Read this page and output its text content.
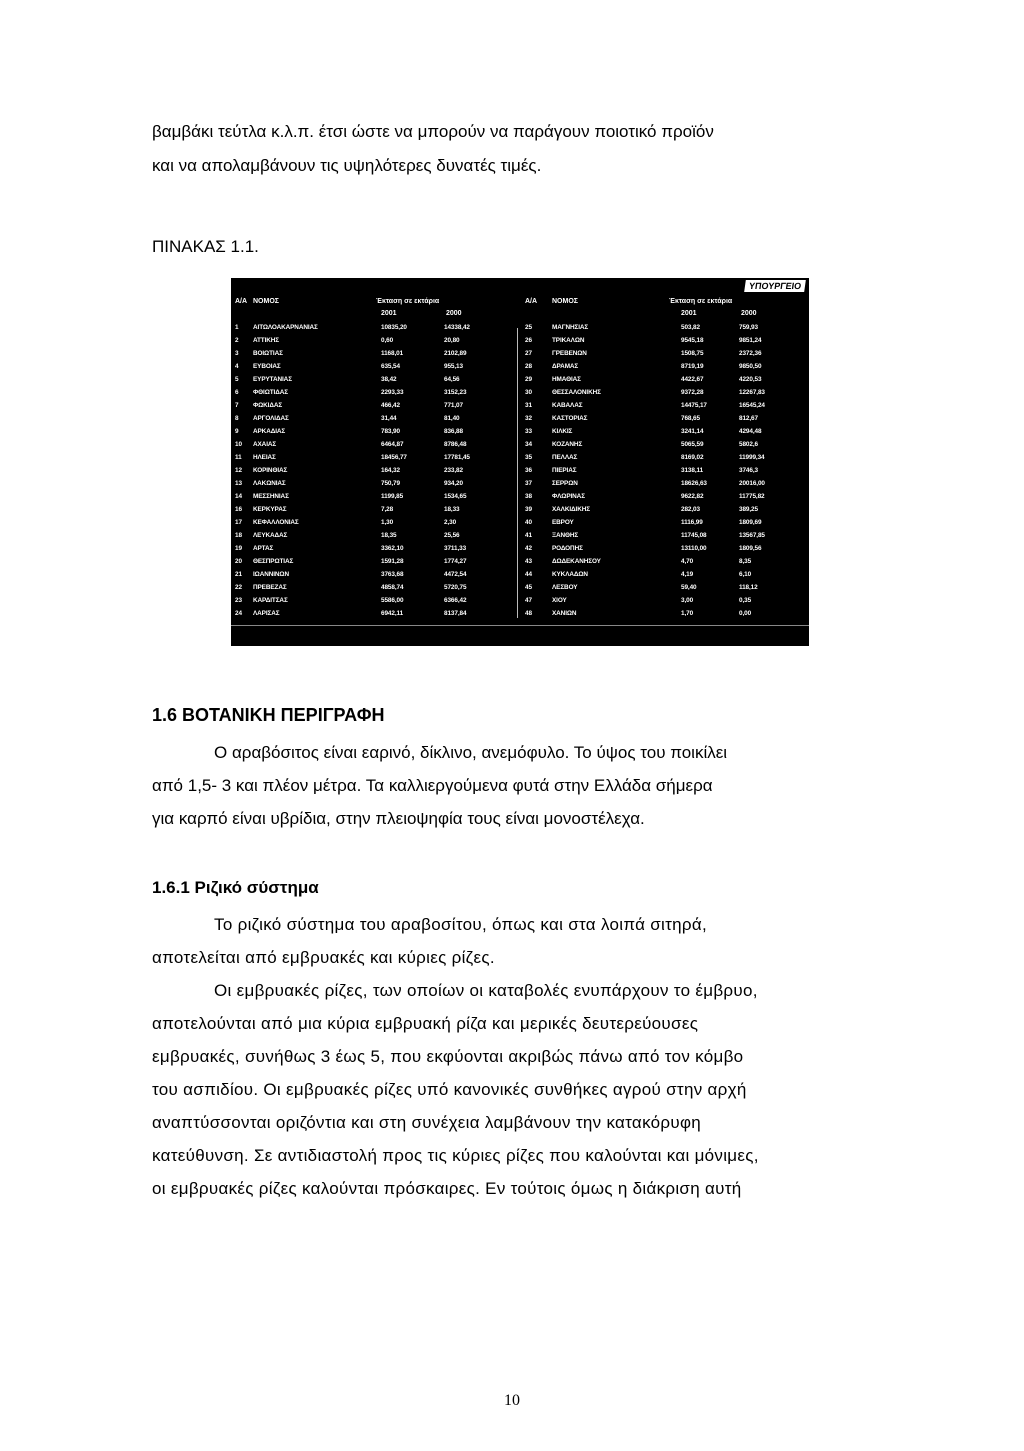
βαμβάκι τεύτλα κ.λ.π. έτσι ώστε να μπορούν να παράγουν ποιοτικό προϊόν
και να απολαμβάνουν τις υψηλότερες δυνατές τιμές.
ΠΙΝΑΚΑΣ 1.1.
ΥΠΟΥΡΓΕΙΟ
Α/Α ΝΟΜΟΣ	Έκταση σε εκτάρια
2001	2000
Α/Α ΝΟΜΟΣ	Έκταση σε εκτάρια
2001	2000
1 ΑΙΤΩΛΟΑΚΑΡΝΑΝΙΑΣ	10835,20	14338,42
2 ΑΤΤΙΚΗΣ	0,60	20,80
3 ΒΟΙΩΤΙΑΣ	1168,01	2102,89
4 ΕΥΒΟΙΑΣ	635,54	955,13
5 ΕΥΡΥΤΑΝΙΑΣ	38,42	64,56
6 ΦΘΙΩΤΙΔΑΣ	2293,33	3152,23
7 ΦΩΚΙΔΑΣ	466,42	771,07
8 ΑΡΓΟΛΙΔΑΣ	31,44	81,40
9 ΑΡΚΑΔΙΑΣ	783,90	836,88
10 ΑΧΑΙΑΣ	6464,87	8786,48
11 ΗΛΕΙΑΣ	18456,77	17781,45
12 ΚΟΡΙΝΘΙΑΣ	164,32	233,82
13 ΛΑΚΩΝΙΑΣ	750,79	934,20
14 ΜΕΣΣΗΝΙΑΣ	1199,85	1534,65
16 ΚΕΡΚΥΡΑΣ	7,28	18,33
17 ΚΕΦΑΛΛΟΝΙΑΣ	1,30	2,30
18 ΛΕΥΚΑΔΑΣ	18,35	25,56
19 ΑΡΤΑΣ	3362,10	3711,33
20 ΘΕΣΠΡΩΤΙΑΣ	1591,28	1774,27
21 ΙΩΑΝΝΙΝΩΝ	3763,68	4472,54
22 ΠΡΕΒΕΖΑΣ	4858,74	5720,75
23 ΚΑΡΔΙΤΣΑΣ	5586,00	6366,42
24 ΛΑΡΙΣΑΣ	6942,11	8137,84
25	ΜΑΓΝΗΣΙΑΣ	503,82	759,93
26	ΤΡΙΚΑΛΩΝ	9545,18	9851,24
27	ΓΡΕΒΕΝΩΝ	1508,75	2372,36
28	ΔΡΑΜΑΣ	8719,19	9850,50
29	ΗΜΑΘΙΑΣ	4422,67	4220,53
30	ΘΕΣΣΑΛΟΝΙΚΗΣ	9372,28	12267,83
31	ΚΑΒΑΛΑΣ	14475,17	16545,24
32	ΚΑΣΤΟΡΙΑΣ	768,65	812,67
33	ΚΙΛΚΙΣ	3241,14	4294,48
34	ΚΟΖΑΝΗΣ	5065,59	5802,6
35	ΠΕΛΛΑΣ	8169,02	11999,34
36	ΠΙΕΡΙΑΣ	3138,11	3746,3
37	ΣΕΡΡΩΝ	18626,63	20016,00
38	ΦΛΩΡΙΝΑΣ	9622,82	11775,82
39	ΧΑΛΚΙΔΙΚΗΣ	282,03	389,25
40	ΕΒΡΟΥ	1116,99	1809,69
41	ΞΑΝΘΗΣ	11745,08	13567,85
42	ΡΟΔΟΠΗΣ	13110,00	1809,56
43	ΔΩΔΕΚΑΝΗΣΟΥ	4,70	8,35
44	ΚΥΚΛΑΔΩΝ	4,19	6,10
45	ΛΕΣΒΟΥ	59,40	118,12
47	ΧΙΟΥ	3,00	0,35
48	ΧΑΝΙΩΝ	1,70	0,00
1.6 ΒΟΤΑΝΙΚΗ ΠΕΡΙΓΡΑΦΗ
Ο αραβόσιτος είναι εαρινό, δίκλινο, ανεμόφυλο. Το ύψος του ποικίλει
από 1,5- 3 και πλέον μέτρα. Τα καλλιεργούμενα φυτά στην Ελλάδα σήμερα
για καρπό είναι υβρίδια, στην πλειοψηφία τους είναι μονοστέλεχα.
1.6.1 Ριζικό σύστημα
Το ριζικό σύστημα του αραβοσίτου, όπως και στα λοιπά σιτηρά,
αποτελείται από εμβρυακές και κύριες ρίζες.
Οι εμβρυακές ρίζες, των οποίων οι καταβολές ενυπάρχουν το έμβρυο,
αποτελούνται από μια κύρια εμβρυακή ρίζα και μερικές δευτερεύουσες
εμβρυακές, συνήθως 3 έως 5, που εκφύονται ακριβώς πάνω από τον κόμβο
του ασπιδίου. Οι εμβρυακές ρίζες υπό κανονικές συνθήκες αγρού στην αρχή
αναπτύσσονται οριζόντια και στη συνέχεια λαμβάνουν την κατακόρυφη
κατεύθυνση. Σε αντιδιαστολή προς τις κύριες ρίζες που καλούνται και μόνιμες,
οι εμβρυακές ρίζες καλούνται πρόσκαιρες. Εν τούτοις όμως η διάκριση αυτή
10
